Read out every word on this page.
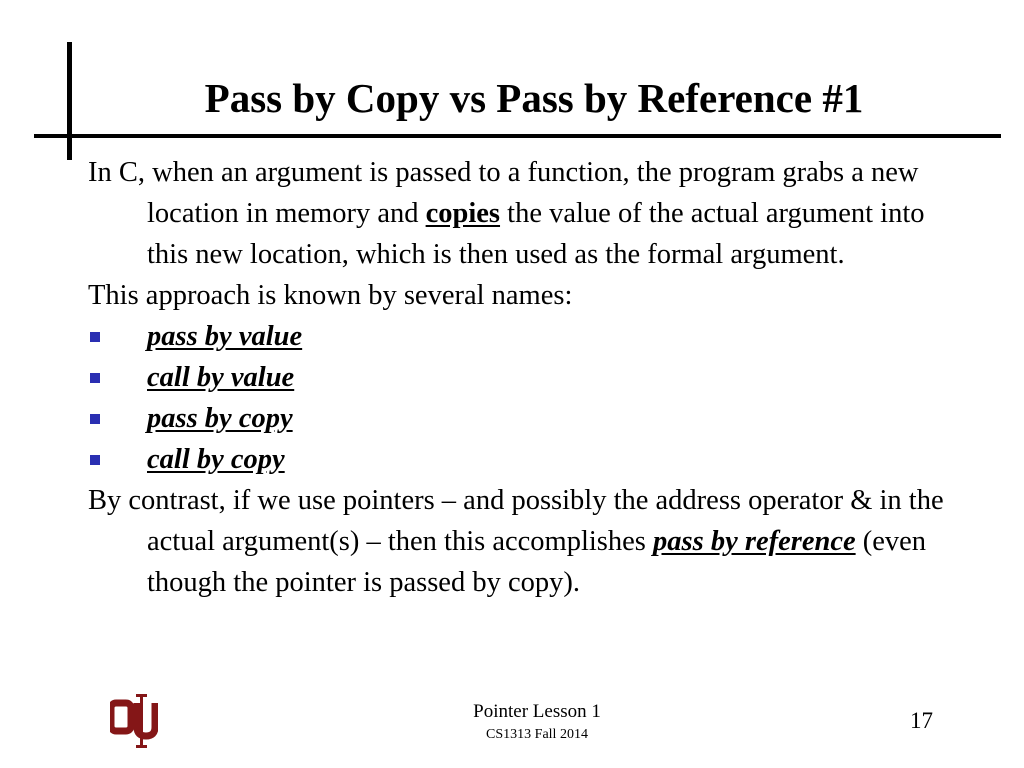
Pass by Copy vs Pass by Reference #1

In C, when an argument is passed to a function, the program grabs a new location in memory and copies the value of the actual argument into this new location, which is then used as the formal argument.

This approach is known by several names:

pass by value
call by value
pass by copy
call by copy

By contrast, if we use pointers – and possibly the address operator & in the actual argument(s) – then this accomplishes pass by reference (even though the pointer is passed by copy).

Pointer Lesson 1
CS1313 Fall 2014
17
